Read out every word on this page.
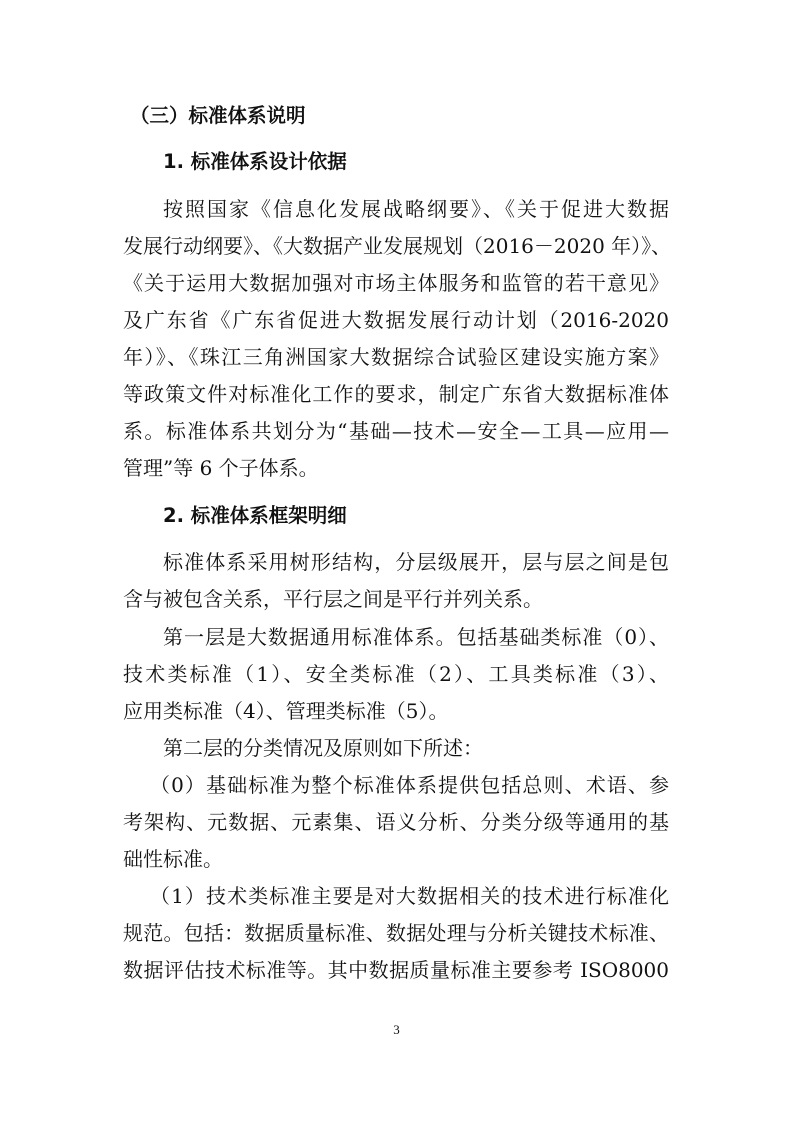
（三）标准体系说明
1. 标准体系设计依据
按照国家《信息化发展战略纲要》、《关于促进大数据
发展行动纲要》、《大数据产业发展规划（2016－2020 年）》、
《关于运用大数据加强对市场主体服务和监管的若干意见》
及广东省《广东省促进大数据发展行动计划（2016-2020
年）》、《珠江三角洲国家大数据综合试验区建设实施方案》
等政策文件对标准化工作的要求，制定广东省大数据标准体
系。标准体系共划分为“基础—技术—安全—工具—应用—
管理”等 6 个子体系。
2. 标准体系框架明细
标准体系采用树形结构，分层级展开，层与层之间是包
含与被包含关系，平行层之间是平行并列关系。
第一层是大数据通用标准体系。包括基础类标准（0）、
技术类标准（1）、安全类标准（2）、工具类标准（3）、
应用类标准（4）、管理类标准（5）。
第二层的分类情况及原则如下所述：
（0）基础标准为整个标准体系提供包括总则、术语、参
考架构、元数据、元素集、语义分析、分类分级等通用的基
础性标准。
（1）技术类标准主要是对大数据相关的技术进行标准化
规范。包括：数据质量标准、数据处理与分析关键技术标准、
数据评估技术标准等。其中数据质量标准主要参考 ISO8000
3
